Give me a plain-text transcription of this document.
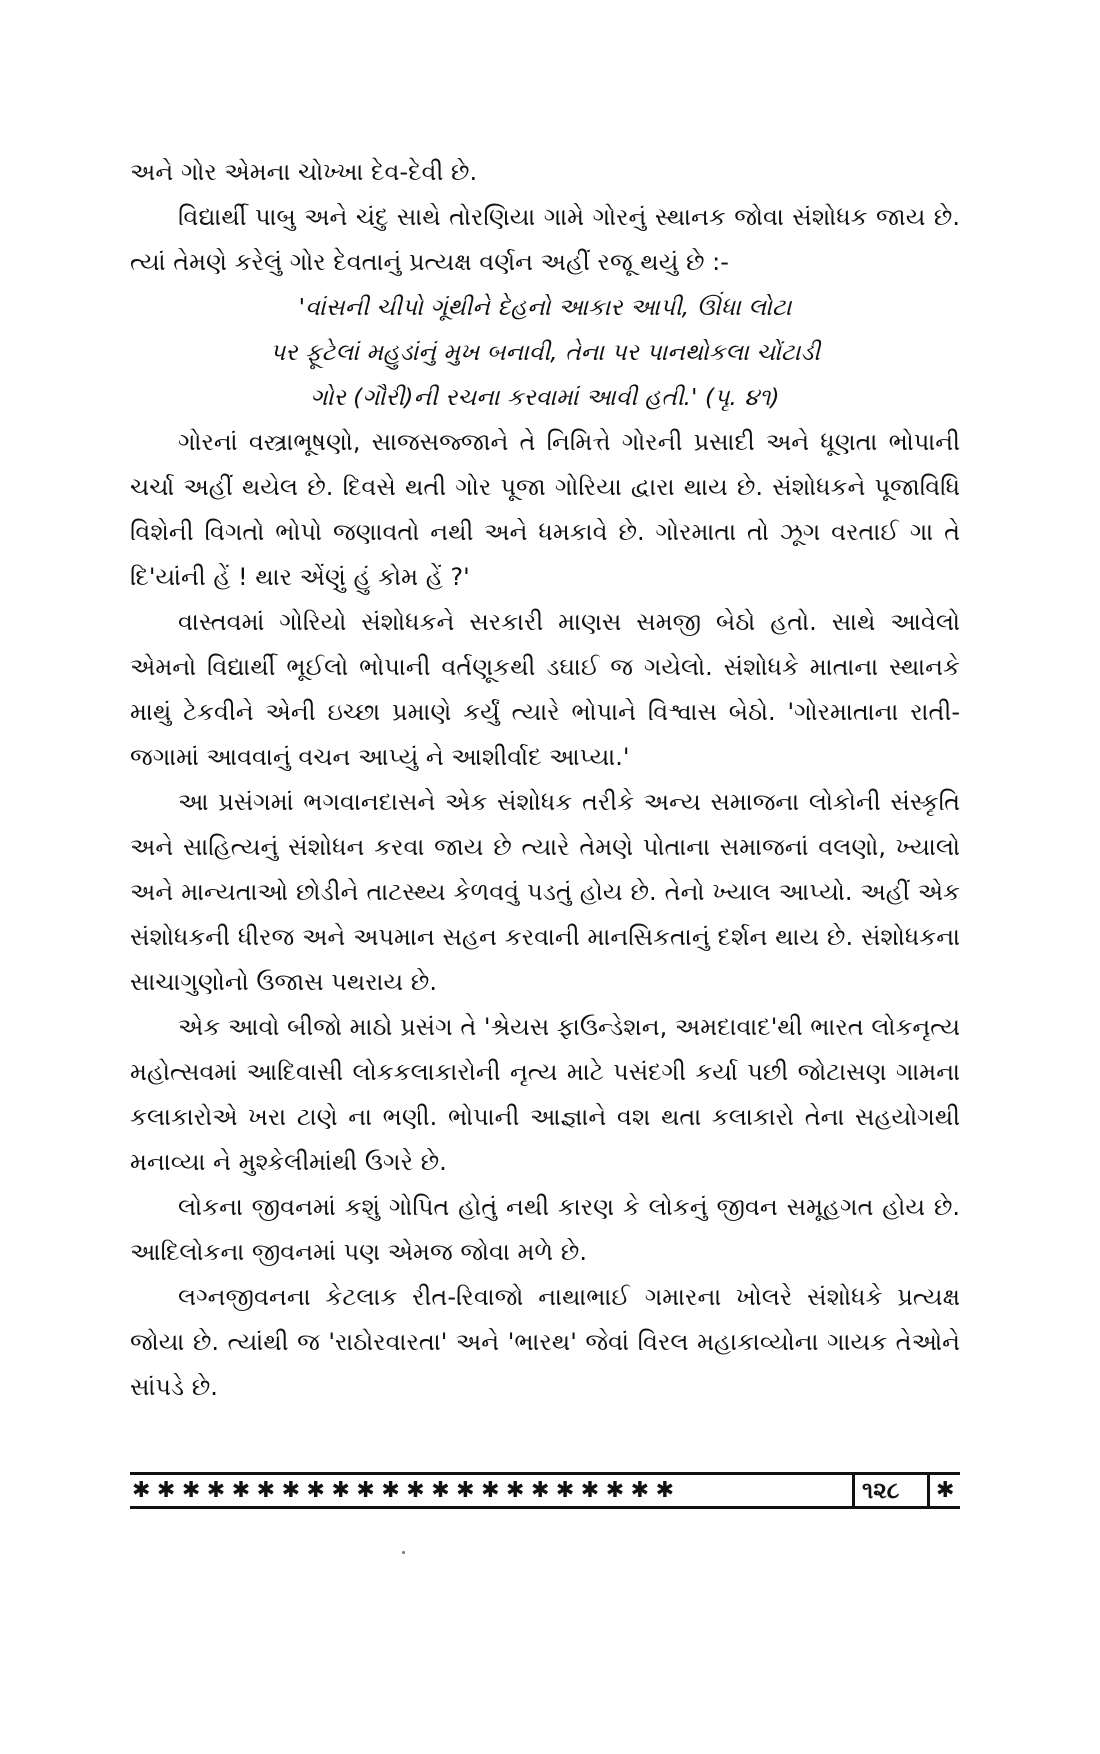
અને ગોર એમના ચોખ્ખા દેવ-દેવી છે.

વિદ્યાર્થી પાબુ અને ચંદુ સાથે તોરણિયા ગામે ગોરનું સ્થાનક જોવા સંશોધક જાય છે. ત્યાં તેમણે કરેલું ગોર દેવતાનું પ્રત્યક્ષ વર્ણન અહીં રજૂ થયું છે :-

'વાંસની ચીપો ગૂંથીને દેહનો આકાર આપી, ઊંધા લોટા

પર ફૂટેલાં મહુડાંનું મુખ બનાવી, તેના પર પાનથોકલા ચોંટાડી

ગોર (ગૌરી)ની રચના કરવામાં આવી હતી.' (પૃ. ૪૧)

ગોરનાં વસ્ત્રાભૂષણો, સાજસજ્જાને તે નિમિત્તે ગોરની પ્રસાદી અને ધૂણતા ભોપાની ચર્ચા અહીં થયેલ છે. દિવસે થતી ગોર પૂજા ગોરિયા દ્વારા થાય છે. સંશોધકને પૂજાવિધિ વિશેની વિગતો ભોપો જણાવતો નથી અને ધમકાવે છે. ગોરમાતા તો ઝૂગ વરતાઈ ગા તે દિ'યાંની હેં ! થાર એંણું હું કોમ હેં ?'

વાસ્તવમાં ગોરિયો સંશોધકને સરકારી માણસ સમજી બેઠો હતો. સાથે આવેલો એમનો વિદ્યાર્થી ભૂઈલો ભોપાની વર્તણૂકથી ડઘાઈ જ ગયેલો. સંશોધકે માતાના સ્થાનકે માથું ટેકવીને એની ઇચ્છા પ્રમાણે કર્યું ત્યારે ભોપાને વિશ્વાસ બેઠો. 'ગોરમાતાના રાતી-જગામાં આવવાનું વચન આપ્યું ને આશીર્વાદ આપ્યા.'

આ પ્રસંગમાં ભગવાનદાસને એક સંશોધક તરીકે અન્ય સમાજના લોકોની સંસ્કૃતિ અને સાહિત્યનું સંશોધન કરવા જાય છે ત્યારે તેમણે પોતાના સમાજનાં વલણો, ખ્યાલો અને માન્યતાઓ છોડીને તાટસ્થ્ય કેળવવું પડતું હોય છે. તેનો ખ્યાલ આપ્યો. અહીં એક સંશોધકની ધીરજ અને અપમાન સહન કરવાની માનસિકતાનું દર્શન થાય છે. સંશોધકના સાચાગુણોનો ઉજાસ પથરાય છે.

એક આવો બીજો માઠો પ્રસંગ તે 'શ્રેયસ ફાઉન્ડેશન, અમદાવાદ'થી ભારત લોકનૃત્ય મહોત્સવમાં આદિવાસી લોકકલાકારોની નૃત્ય માટે પસંદગી કર્યા પછી જોટાસણ ગામના કલાકારોએ ખરા ટાણે ના ભણી. ભોપાની આજ્ઞાને વશ થતા કલાકારો તેના સહયોગથી મનાવ્યા ને મુશ્કેલીમાંથી ઉગરે છે.

લોકના જીવનમાં કશું ગોપિત હોતું નથી કારણ કે લોકનું જીવન સમૂહગત હોય છે. આદિલોકના જીવનમાં પણ એમજ જોવા મળે છે.

લગ્નજીવનના કેટલાક રીત-રિવાજો નાથાભાઈ ગમારના ખોલરે સંશોધકે પ્રત્યક્ષ જોયા છે. ત્યાંથી જ 'રાઠોરવારતા' અને 'ભારથ' જેવાં વિરલ મહાકાવ્યોના ગાયક તેઓને સાંપડે છે.

✱✱✱✱✱✱✱✱✱✱✱✱✱✱✱✱✱✱✱✱✱✱	૧૨૮ ✱
